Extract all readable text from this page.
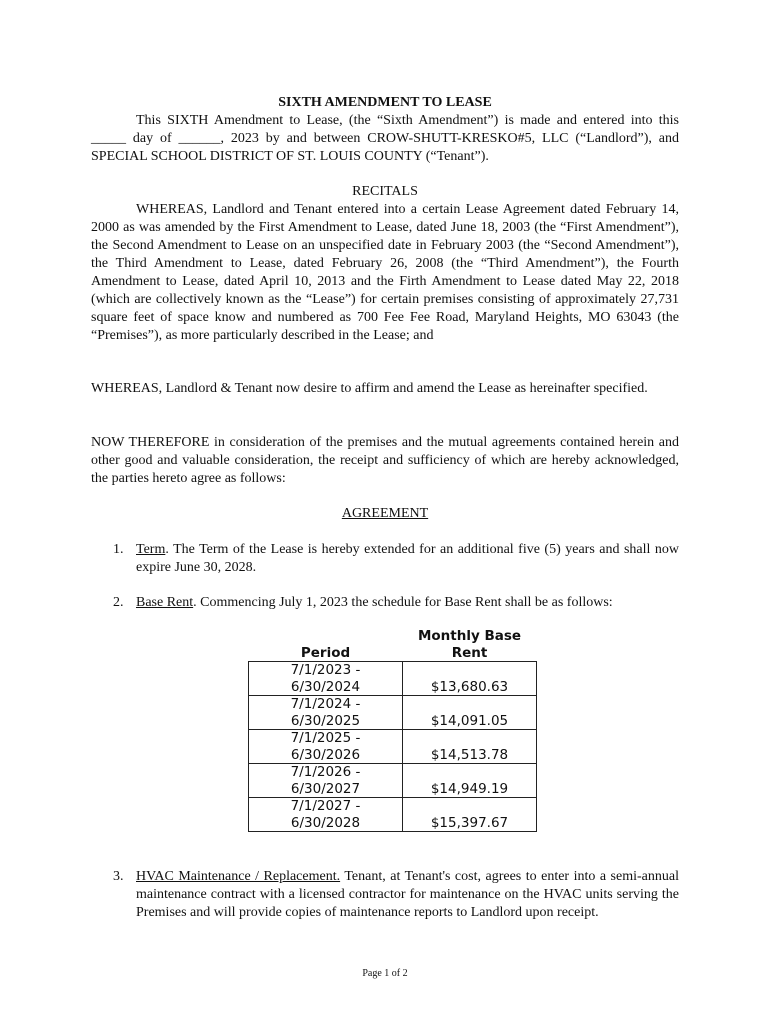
SIXTH AMENDMENT TO LEASE
This SIXTH Amendment to Lease, (the “Sixth Amendment”) is made and entered into this _____ day of ______, 2023 by and between CROW-SHUTT-KRESKO#5, LLC (“Landlord”), and SPECIAL SCHOOL DISTRICT OF ST. LOUIS COUNTY (“Tenant”).
RECITALS
WHEREAS, Landlord and Tenant entered into a certain Lease Agreement dated February 14, 2000 as was amended by the First Amendment to Lease, dated June 18, 2003 (the “First Amendment”), the Second Amendment to Lease on an unspecified date in February 2003 (the “Second Amendment”), the Third Amendment to Lease, dated February 26, 2008 (the “Third Amendment”), the Fourth Amendment to Lease, dated April 10, 2013 and the Firth Amendment to Lease dated May 22, 2018 (which are collectively known as the “Lease”) for certain premises consisting of approximately 27,731 square feet of space know and numbered as 700 Fee Fee Road, Maryland Heights, MO 63043 (the “Premises”), as more particularly described in the Lease; and
WHEREAS, Landlord & Tenant now desire to affirm and amend the Lease as hereinafter specified.
NOW THEREFORE in consideration of the premises and the mutual agreements contained herein and other good and valuable consideration, the receipt and sufficiency of which are hereby acknowledged, the parties hereto agree as follows:
AGREEMENT
1. Term. The Term of the Lease is hereby extended for an additional five (5) years and shall now expire June 30, 2028.
2. Base Rent. Commencing July 1, 2023 the schedule for Base Rent shall be as follows:
Period	Monthly Base Rent
7/1/2023 -
6/30/2024	$13,680.63
7/1/2024 -
6/30/2025	$14,091.05
7/1/2025 -
6/30/2026	$14,513.78
7/1/2026 -
6/30/2027	$14,949.19
7/1/2027 -
6/30/2028	$15,397.67
3. HVAC Maintenance / Replacement. Tenant, at Tenant's cost, agrees to enter into a semi-annual maintenance contract with a licensed contractor for maintenance on the HVAC units serving the Premises and will provide copies of maintenance reports to Landlord upon receipt.
Page 1 of 2
